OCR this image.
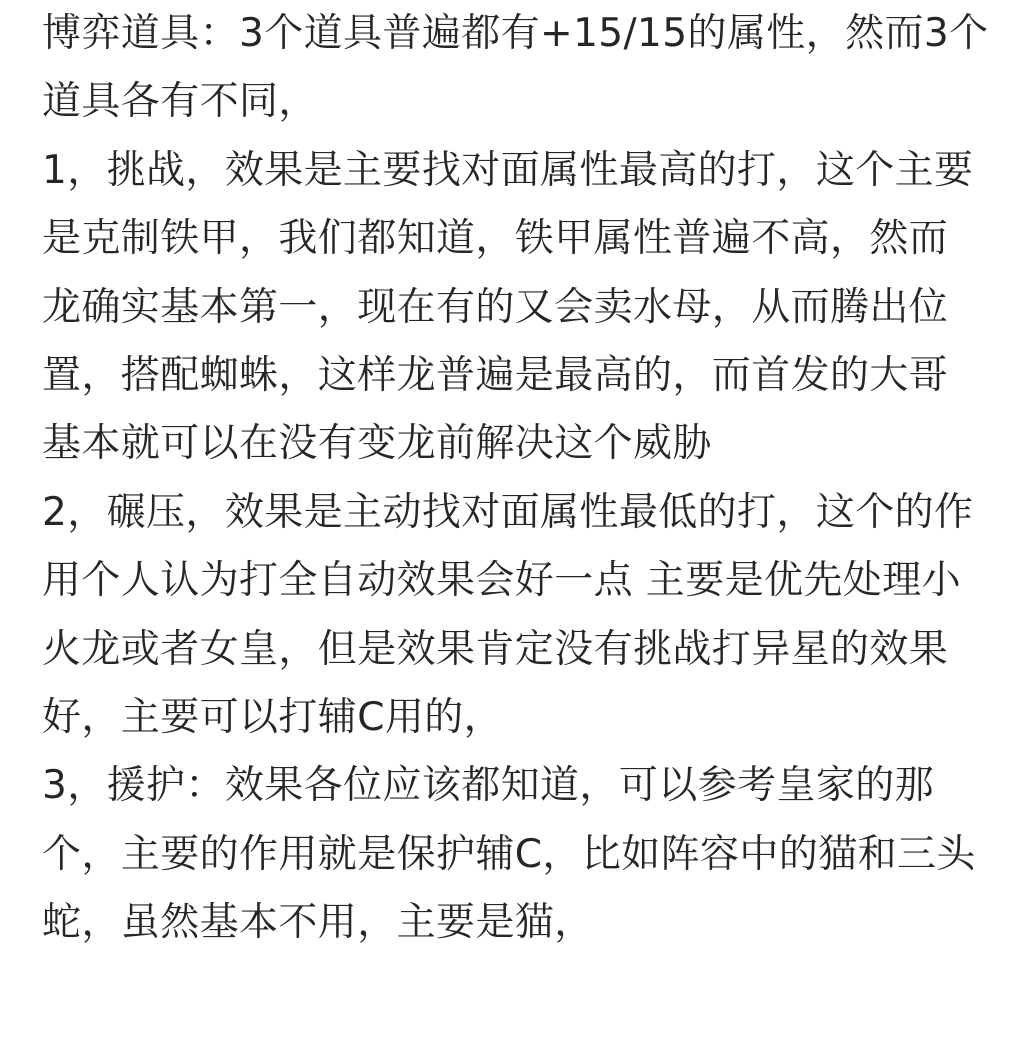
博弈道具：3个道具普遍都有+15/15的属性，然而3个
道具各有不同，
1，挑战，效果是主要找对面属性最高的打，这个主要
是克制铁甲，我们都知道，铁甲属性普遍不高，然而
龙确实基本第一，现在有的又会卖水母，从而腾出位
置，搭配蜘蛛，这样龙普遍是最高的，而首发的大哥
基本就可以在没有变龙前解决这个威胁
2，碾压，效果是主动找对面属性最低的打，这个的作
用个人认为打全自动效果会好一点 主要是优先处理小
火龙或者女皇，但是效果肯定没有挑战打异星的效果
好，主要可以打辅C用的，
3，援护：效果各位应该都知道，可以参考皇家的那
个，主要的作用就是保护辅C，比如阵容中的猫和三头
蛇，虽然基本不用，主要是猫，
